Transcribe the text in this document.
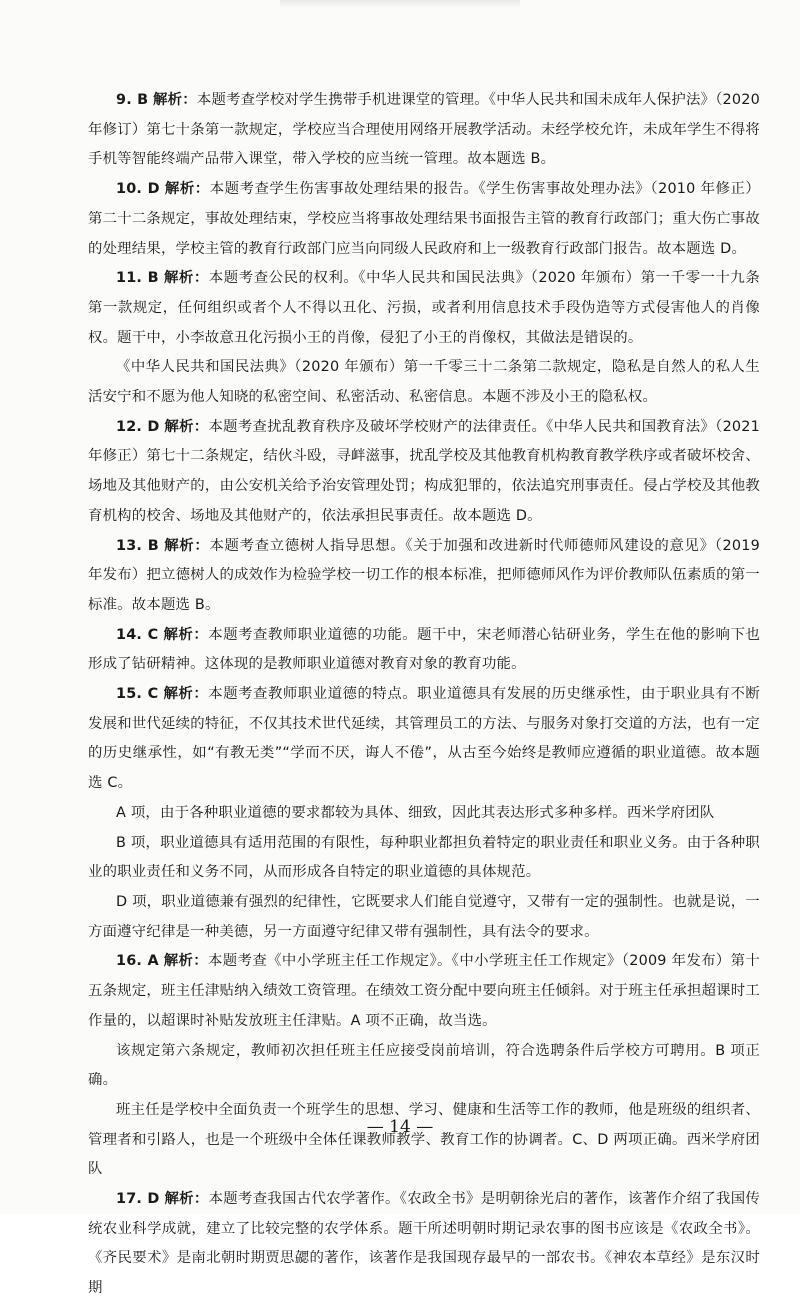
9. B 解析：本题考查学校对学生携带手机进课堂的管理。《中华人民共和国未成年人保护法》（2020 年修订）第七十条第一款规定，学校应当合理使用网络开展教学活动。未经学校允许，未成年学生不得将手机等智能终端产品带入课堂，带入学校的应当统一管理。故本题选 B。

10. D 解析：本题考查学生伤害事故处理结果的报告。《学生伤害事故处理办法》（2010 年修正）第二十二条规定，事故处理结束，学校应当将事故处理结果书面报告主管的教育行政部门；重大伤亡事故的处理结果，学校主管的教育行政部门应当向同级人民政府和上一级教育行政部门报告。故本题选 D。

11. B 解析：本题考查公民的权利。《中华人民共和国民法典》（2020 年颁布）第一千零一十九条第一款规定，任何组织或者个人不得以丑化、污损，或者利用信息技术手段伪造等方式侵害他人的肖像权。题干中，小李故意丑化污损小王的肖像，侵犯了小王的肖像权，其做法是错误的。

《中华人民共和国民法典》（2020 年颁布）第一千零三十二条第二款规定，隐私是自然人的私人生活安宁和不愿为他人知晓的私密空间、私密活动、私密信息。本题不涉及小王的隐私权。

12. D 解析：本题考查扰乱教育秩序及破坏学校财产的法律责任。《中华人民共和国教育法》（2021 年修正）第七十二条规定，结伙斗殴，寻衅滋事，扰乱学校及其他教育机构教育教学秩序或者破坏校舍、场地及其他财产的，由公安机关给予治安管理处罚；构成犯罪的，依法追究刑事责任。侵占学校及其他教育机构的校舍、场地及其他财产的，依法承担民事责任。故本题选 D。

13. B 解析：本题考查立德树人指导思想。《关于加强和改进新时代师德师风建设的意见》（2019 年发布）把立德树人的成效作为检验学校一切工作的根本标准，把师德师风作为评价教师队伍素质的第一标准。故本题选 B。

14. C 解析：本题考查教师职业道德的功能。题干中，宋老师潜心钻研业务，学生在他的影响下也形成了钻研精神。这体现的是教师职业道德对教育对象的教育功能。

15. C 解析：本题考查教师职业道德的特点。职业道德具有发展的历史继承性，由于职业具有不断发展和世代延续的特征，不仅其技术世代延续，其管理员工的方法、与服务对象打交道的方法，也有一定的历史继承性，如“有教无类”“学而不厌，诲人不倦”，从古至今始终是教师应遵循的职业道德。故本题选 C。

A 项，由于各种职业道德的要求都较为具体、细致，因此其表达形式多种多样。西米学府团队

B 项，职业道德具有适用范围的有限性，每种职业都担负着特定的职业责任和职业义务。由于各种职业的职业责任和义务不同，从而形成各自特定的职业道德的具体规范。

D 项，职业道德兼有强烈的纪律性，它既要求人们能自觉遵守，又带有一定的强制性。也就是说，一方面遵守纪律是一种美德，另一方面遵守纪律又带有强制性，具有法令的要求。

16. A 解析：本题考查《中小学班主任工作规定》。《中小学班主任工作规定》（2009 年发布）第十五条规定，班主任津贴纳入绩效工资管理。在绩效工资分配中要向班主任倾斜。对于班主任承担超课时工作量的，以超课时补贴发放班主任津贴。A 项不正确，故当选。

该规定第六条规定，教师初次担任班主任应接受岗前培训，符合选聘条件后学校方可聘用。B 项正确。

班主任是学校中全面负责一个班学生的思想、学习、健康和生活等工作的教师，他是班级的组织者、管理者和引路人，也是一个班级中全体任课教师教学、教育工作的协调者。C、D 两项正确。西米学府团队

17. D 解析：本题考查我国古代农学著作。《农政全书》是明朝徐光启的著作，该著作介绍了我国传统农业科学成就，建立了比较完整的农学体系。题干所述明朝时期记录农事的图书应该是《农政全书》。《齐民要术》是南北朝时期贾思勰的著作，该著作是我国现存最早的一部农书。《神农本草经》是东汉时期

— 14 —
